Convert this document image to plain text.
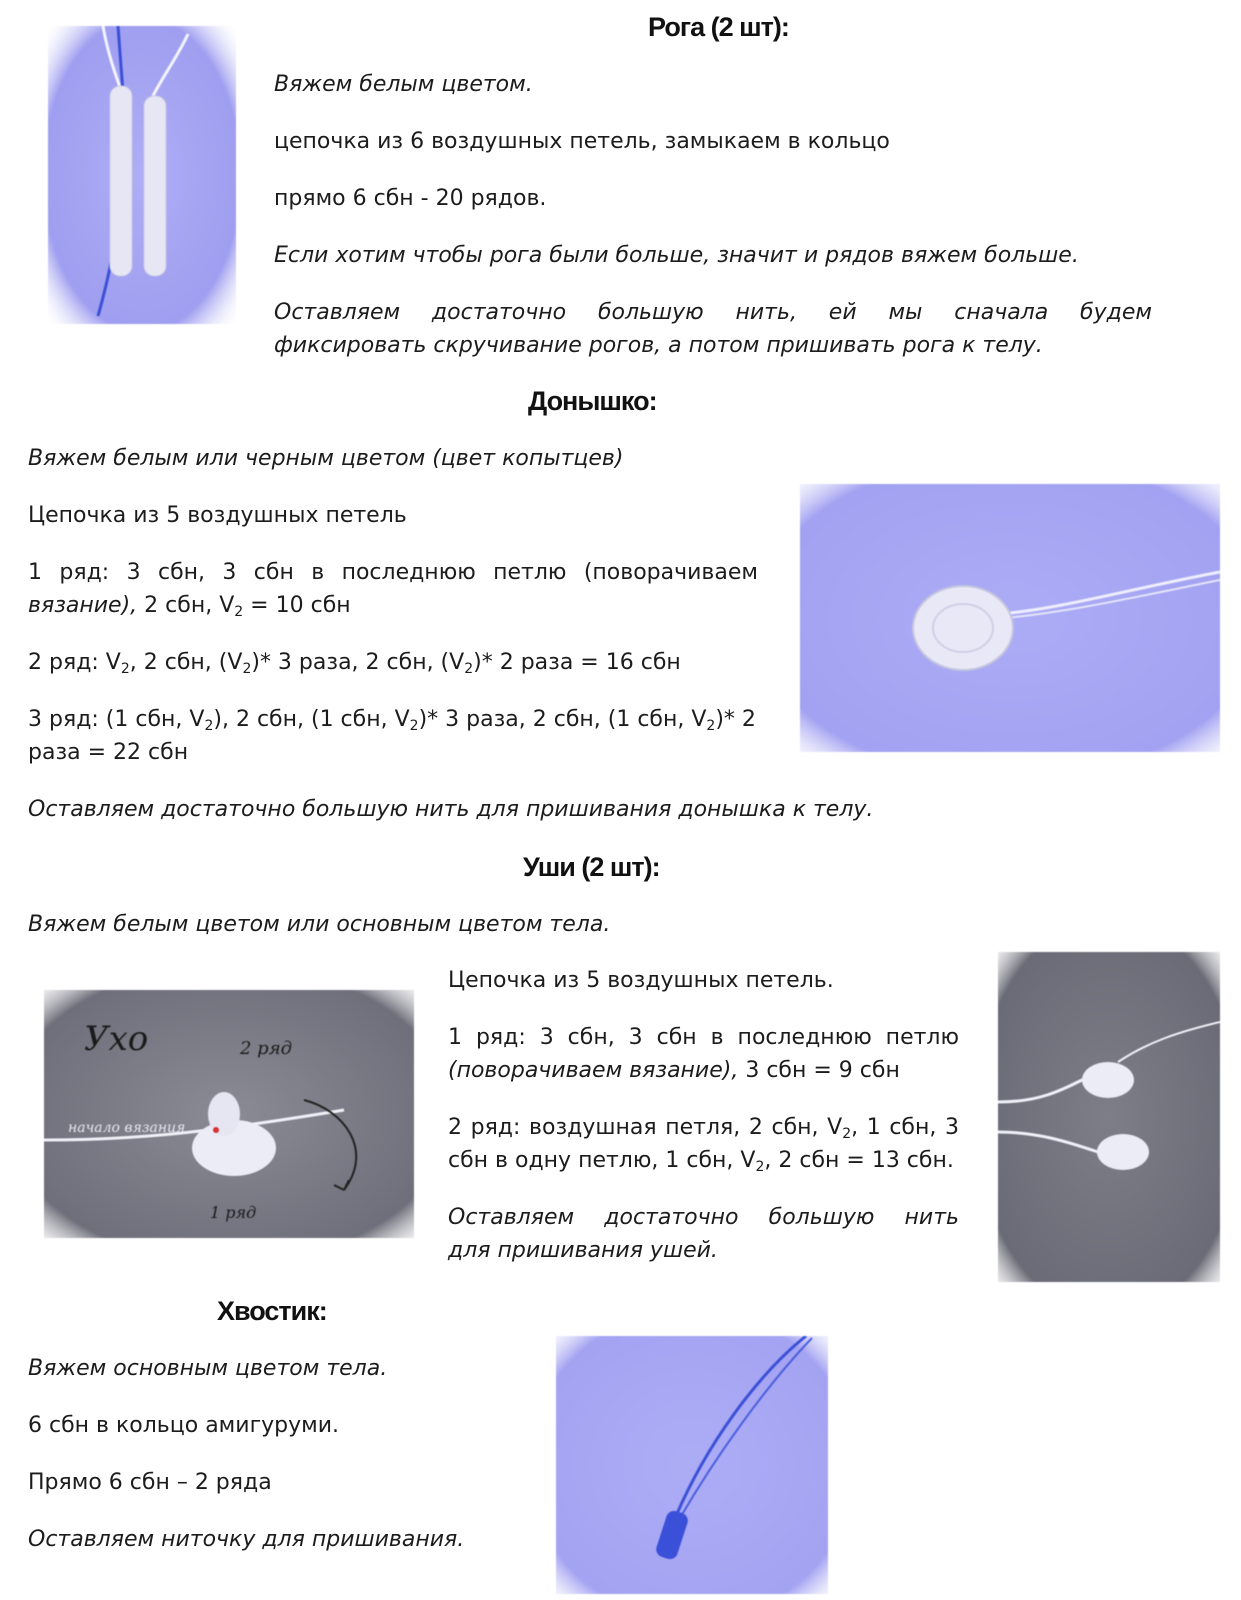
Рога (2 шт):
Вяжем белым цветом.
цепочка из 6 воздушных петель, замыкаем в кольцо
прямо 6 сбн - 20 рядов.
Если хотим чтобы рога были больше, значит и рядов вяжем больше.
Оставляем достаточно большую нить, ей мы сначала будем
фиксировать скручивание рогов, а потом пришивать рога к телу.
Донышко:
Вяжем белым или черным цветом (цвет копытцев)
Цепочка из 5 воздушных петель
1 ряд: 3 сбн, 3 сбн в последнюю петлю (поворачиваем
вязание), 2 сбн, $V_2 = 10$ сбн
2 ряд: $V_2$, 2 сбн, $(V_2)*$ 3 раза, 2 сбн, $(V_2)*$ 2 раза = 16 сбн
3 ряд: (1 сбн, $V_2$), 2 сбн, (1 сбн, $V_2)*$ 3 раза, 2 сбн, (1 сбн, $V_2)*$ 2
раза = 22 сбн
Оставляем достаточно большую нить для пришивания донышка к телу.
Уши (2 шт):
Вяжем белым цветом или основным цветом тела.
Ухо	2 ряд
начало вязания
1 ряд
Цепочка из 5 воздушных петель.
1 ряд: 3 сбн, 3 сбн в последнюю петлю
(поворачиваем вязание), 3 сбн = 9 сбн
2 ряд: воздушная петля, 2 сбн, $V_2$, 1 сбн, 3
сбн в одну петлю, 1 сбн, $V_2$, 2 сбн = 13 сбн.
Оставляем достаточно большую нить
для пришивания ушей.
Хвостик:
Вяжем основным цветом тела.
6 сбн в кольцо амигуруми.
Прямо 6 сбн – 2 ряда
Оставляем ниточку для пришивания.
